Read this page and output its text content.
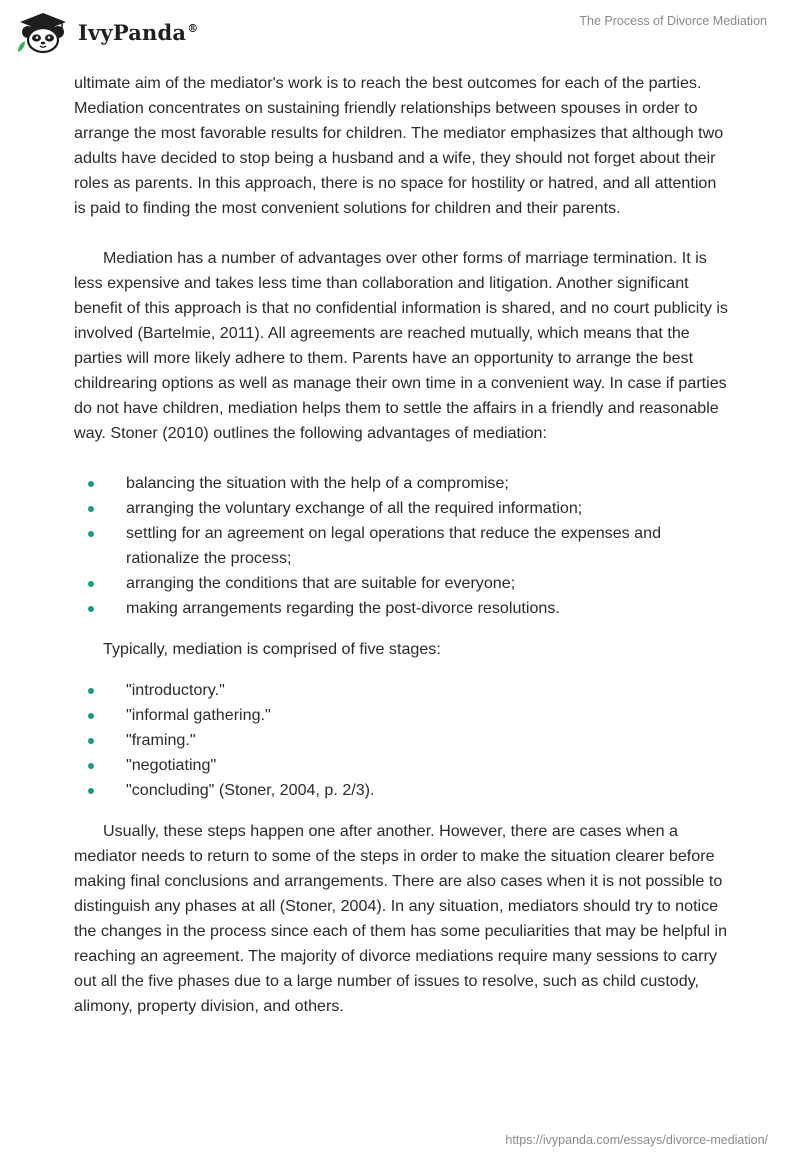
IvyPanda®	The Process of Divorce Mediation

ultimate aim of the mediator's work is to reach the best outcomes for each of the parties. Mediation concentrates on sustaining friendly relationships between spouses in order to arrange the most favorable results for children. The mediator emphasizes that although two adults have decided to stop being a husband and a wife, they should not forget about their roles as parents. In this approach, there is no space for hostility or hatred, and all attention is paid to finding the most convenient solutions for children and their parents.

Mediation has a number of advantages over other forms of marriage termination. It is less expensive and takes less time than collaboration and litigation. Another significant benefit of this approach is that no confidential information is shared, and no court publicity is involved (Bartelmie, 2011). All agreements are reached mutually, which means that the parties will more likely adhere to them. Parents have an opportunity to arrange the best childrearing options as well as manage their own time in a convenient way. In case if parties do not have children, mediation helps them to settle the affairs in a friendly and reasonable way. Stoner (2010) outlines the following advantages of mediation:

balancing the situation with the help of a compromise;
arranging the voluntary exchange of all the required information;
settling for an agreement on legal operations that reduce the expenses and rationalize the process;
arranging the conditions that are suitable for everyone;
making arrangements regarding the post-divorce resolutions.

Typically, mediation is comprised of five stages:

"introductory."
"informal gathering."
"framing."
"negotiating"
"concluding" (Stoner, 2004, p. 2/3).

Usually, these steps happen one after another. However, there are cases when a mediator needs to return to some of the steps in order to make the situation clearer before making final conclusions and arrangements. There are also cases when it is not possible to distinguish any phases at all (Stoner, 2004). In any situation, mediators should try to notice the changes in the process since each of them has some peculiarities that may be helpful in reaching an agreement. The majority of divorce mediations require many sessions to carry out all the five phases due to a large number of issues to resolve, such as child custody, alimony, property division, and others.

https://ivypanda.com/essays/divorce-mediation/
